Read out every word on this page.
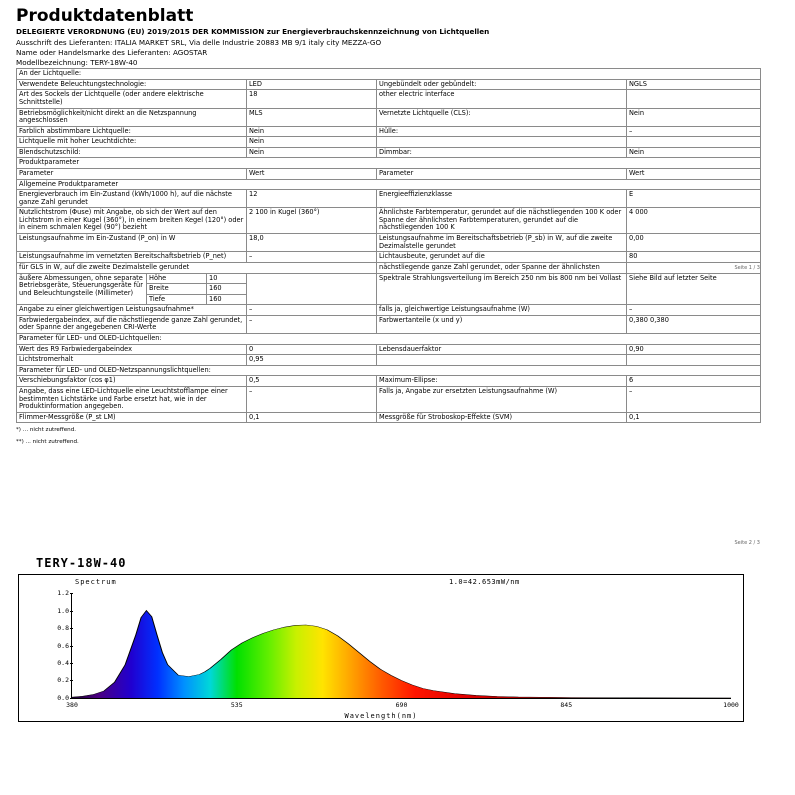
Produktdatenblatt
DELEGIERTE VERORDNUNG (EU) 2019/2015 DER KOMMISSION zur Energieverbrauchskennzeichnung von Lichtquellen
Ausschrift des Lieferanten: ITALIA MARKET SRL, Via delle Industrie 20883 MB 9/1 italy city MEZZA-GO
Name oder Handelsmarke des Lieferanten: AGOSTAR
Modellbezeichnung: TERY-18W-40
An der Lichtquelle:			
Verwendete Beleuchtungstechnologie:	LED	Ungebündelt oder gebündelt:	NGLS
Art des Sockels der Lichtquelle (oder andere elektrische Schnittstelle)	18	other electric interface	
Betriebsmöglichkeit/nicht direkt an die Netzspannung angeschlossen	MLS	Vernetzte Lichtquelle (CLS):	Nein
Farblich abstimmbare Lichtquelle:	Nein	Hülle:	–
Lichtquelle mit hoher Leuchtdichte:	Nein		
Blendschutzschild:	Nein	Dimmbar:	Nein
Produktparameter			
Parameter	Wert	Parameter	Wert
Allgemeine Produktparameter			
Energieverbrauch im Ein-Zustand (kWh/1000 h), auf die nächste ganze Zahl gerundet	12	Energieeffizienzklasse	E
Nutzlichtstrom (Φuse) mit Angabe, ob sich der Wert auf den Lichtstrom in einer Kugel (360°), in einem breiten Kegel (120°) oder in einem schmalen Kegel (90°) bezieht	2 100 in Kugel (360°)	Ähnlichste Farbtemperatur, gerundet auf die nächstliegenden 100 K oder Spanne der ähnlichsten Farbtemperaturen, gerundet auf die nächstliegenden 100 K	4 000
Leistungsaufnahme im Ein-Zustand (P_on) in W	18,0	Leistungsaufnahme im Bereitschaftsbetrieb (P_sb) in W, auf die zweite Dezimalstelle gerundet	0,00
Leistungsaufnahme im vernetzten Bereitschaftsbetrieb (P_net)	–	Lichtausbeute, gerundet auf die	80
Seite 1 / 3
für GLS in W, auf die zweite Dezimalstelle gerundet				nächstliegende ganze Zahl gerundet, oder Spanne der ähnlichsten	
äußere Abmessungen, ohne separate Betriebsgeräte, Steuerungsgeräte für und Beleuchtungsteile (Millimeter)	Höhe	10		Spektrale Strahlungsverteilung im Bereich 250 nm bis 800 nm bei Vollast	Siehe Bild auf letzter Seite
	Breite	160			
	Tiefe	160			
Angabe zu einer gleichwertigen Leistungsaufnahme*			–	falls ja, gleichwertige Leistungsaufnahme (W)	–
Farbwiedergabeindex, auf die nächstliegende ganze Zahl gerundet, oder Spanne der angegebenen CRI-Werte			–	Farbwertanteile (x und y)	0,380 0,380
Parameter für LED- und OLED-Lichtquellen:					
Wert des R9 Farbwiedergabeindex			0	Lebensdauerfaktor	0,90
Lichtstromerhalt			0,95		
Parameter für LED- und OLED-Netzspannungslichtquellen:					
Verschiebungsfaktor (cos φ1)			0,5	Maximum-Ellipse:	6
Angabe, dass eine LED-Lichtquelle eine Leuchtstofflampe einer bestimmten Lichtstärke und Farbe ersetzt hat, wie in der Produktinformation angegeben.			–	Falls ja, Angabe zur ersetzten Leistungsaufnahme (W)	–
Flimmer-Messgröße (P_st LM)			0,1	Messgröße für Stroboskop-Effekte (SVM)	0,1
*) ... nicht zutreffend.
**) ... nicht zutreffend.
Seite 2 / 3
TERY-18W-40
Spectrum	1.0=42.653mW/nm
1.2
1.0
0.8
0.6
0.4
0.2
0.0
380	535	690	845	1000
Wavelength(nm)
